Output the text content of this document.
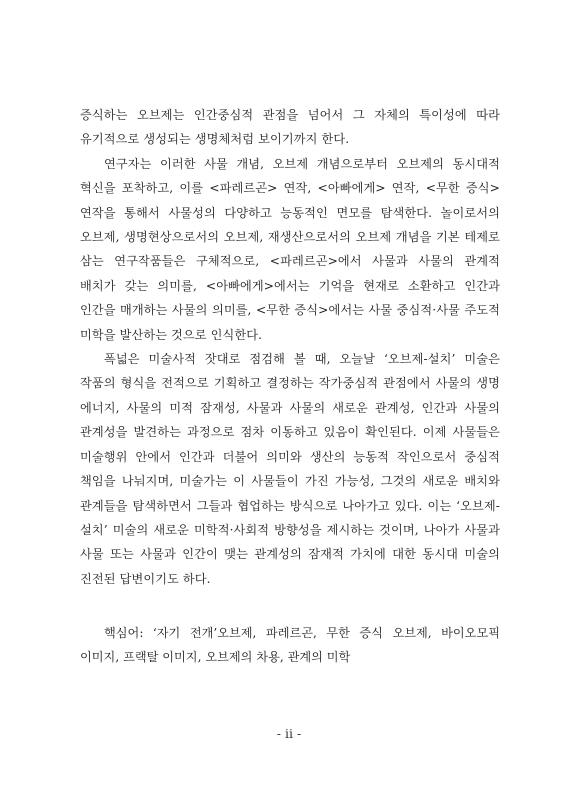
증식하는 오브제는 인간중심적 관점을 넘어서 그 자체의 특이성에 따라 유기적으로 생성되는 생명체처럼 보이기까지 한다.

연구자는 이러한 사물 개념, 오브제 개념으로부터 오브제의 동시대적 혁신을 포착하고, 이를 <파레르곤> 연작, <아빠에게> 연작, <무한 증식> 연작을 통해서 사물성의 다양하고 능동적인 면모를 탐색한다. 놀이로서의 오브제, 생명현상으로서의 오브제, 재생산으로서의 오브제 개념을 기본 테제로 삼는 연구작품들은 구체적으로, <파레르곤>에서 사물과 사물의 관계적 배치가 갖는 의미를, <아빠에게>에서는 기억을 현재로 소환하고 인간과 인간을 매개하는 사물의 의미를, <무한 증식>에서는 사물 중심적·사물 주도적 미학을 발산하는 것으로 인식한다.

폭넓은 미술사적 잣대로 점검해 볼 때, 오늘날 ‘오브제-설치’ 미술은 작품의 형식을 전적으로 기획하고 결정하는 작가중심적 관점에서 사물의 생명 에너지, 사물의 미적 잠재성, 사물과 사물의 새로운 관계성, 인간과 사물의 관계성을 발견하는 과정으로 점차 이동하고 있음이 확인된다. 이제 사물들은 미술행위 안에서 인간과 더불어 의미와 생산의 능동적 작인으로서 중심적 책임을 나눠지며, 미술가는 이 사물들이 가진 가능성, 그것의 새로운 배치와 관계들을 탐색하면서 그들과 협업하는 방식으로 나아가고 있다. 이는 ‘오브제-설치’ 미술의 새로운 미학적·사회적 방향성을 제시하는 것이며, 나아가 사물과 사물 또는 사물과 인간이 맺는 관계성의 잠재적 가치에 대한 동시대 미술의 진전된 답변이기도 하다.

핵심어: ‘자기 전개’오브제, 파레르곤, 무한 증식 오브제, 바이오모픽 이미지, 프랙탈 이미지, 오브제의 차용, 관계의 미학

- ii -
